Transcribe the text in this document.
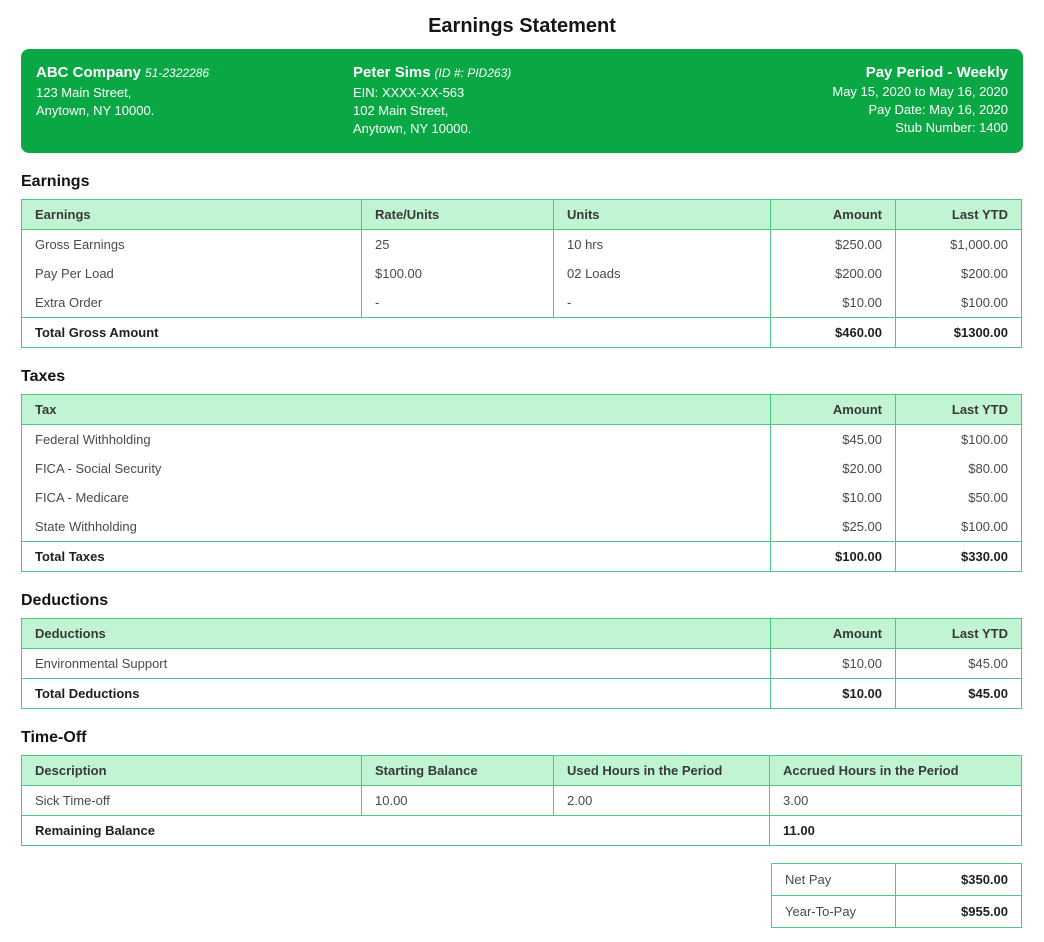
Earnings Statement
ABC Company 51-2322286
123 Main Street,
Anytown, NY 10000.
Peter Sims (ID #: PID263)
EIN: XXXX-XX-563
102 Main Street,
Anytown, NY 10000.
Pay Period - Weekly
May 15, 2020 to May 16, 2020
Pay Date: May 16, 2020
Stub Number: 1400
Earnings
Earnings	Rate/Units	Units	Amount	Last YTD
Gross Earnings	25	10 hrs	$250.00	$1,000.00
Pay Per Load	$100.00	02 Loads	$200.00	$200.00
Extra Order	-	-	$10.00	$100.00
Total Gross Amount			$460.00	$1300.00
Taxes
Tax	Amount	Last YTD
Federal Withholding	$45.00	$100.00
FICA - Social Security	$20.00	$80.00
FICA - Medicare	$10.00	$50.00
State Withholding	$25.00	$100.00
Total Taxes	$100.00	$330.00
Deductions
Deductions	Amount	Last YTD
Environmental Support	$10.00	$45.00
Total Deductions	$10.00	$45.00
Time-Off
Description	Starting Balance	Used Hours in the Period	Accrued Hours in the Period
Sick Time-off	10.00	2.00	3.00
Remaining Balance			11.00
Net Pay	$350.00
Year-To-Pay	$955.00
